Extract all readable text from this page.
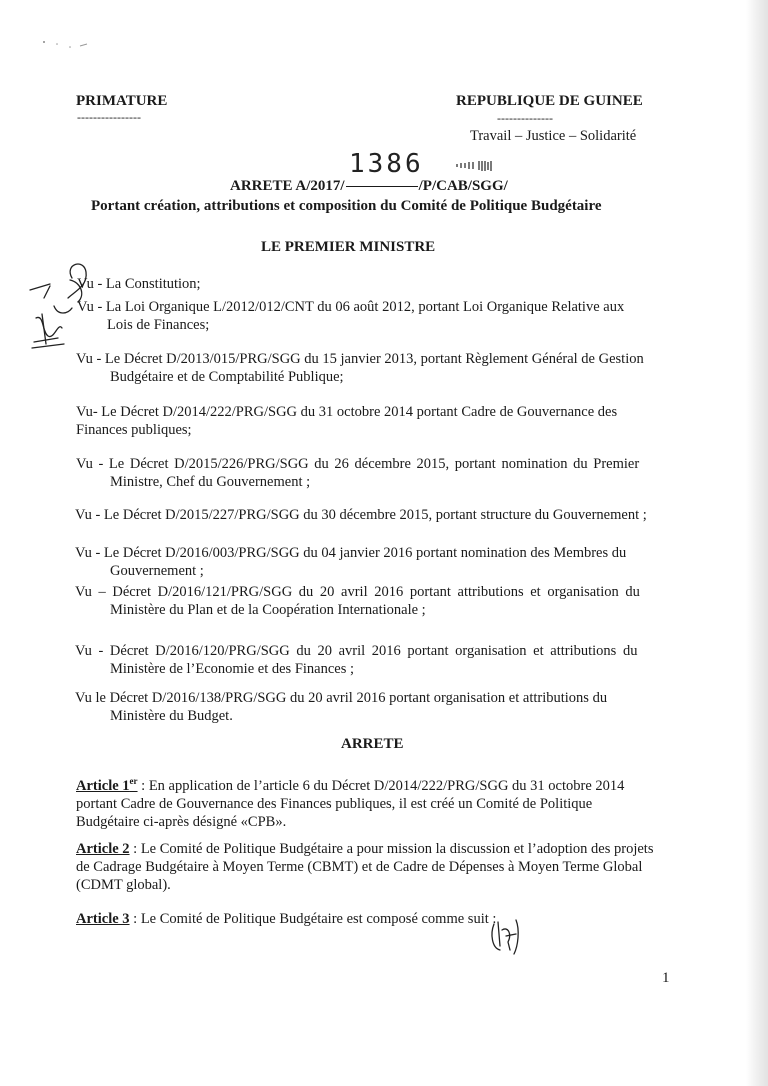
PRIMATURE
----------------
REPUBLIQUE DE GUINEE
--------------
Travail – Justice – Solidarité
1386
ARRETE A/2017/	/P/CAB/SGG/
Portant création, attributions et composition du Comité de Politique Budgétaire
LE PREMIER MINISTRE
Vu - La Constitution;
Vu - La Loi Organique L/2012/012/CNT du 06 août 2012, portant Loi Organique Relative aux
Lois de Finances;
Vu - Le Décret D/2013/015/PRG/SGG du 15 janvier 2013, portant Règlement Général de Gestion
Budgétaire et de Comptabilité Publique;
Vu- Le Décret D/2014/222/PRG/SGG du 31 octobre 2014 portant Cadre de Gouvernance des
Finances publiques;
Vu - Le Décret D/2015/226/PRG/SGG du 26 décembre 2015, portant nomination du Premier
Ministre, Chef du Gouvernement ;
Vu - Le Décret D/2015/227/PRG/SGG du 30 décembre 2015, portant structure du Gouvernement ;
Vu - Le Décret D/2016/003/PRG/SGG du 04 janvier 2016 portant nomination des Membres du
Gouvernement ;
Vu – Décret D/2016/121/PRG/SGG du 20 avril 2016 portant attributions et organisation du
Ministère du Plan et de la Coopération Internationale ;
Vu - Décret D/2016/120/PRG/SGG du 20 avril 2016 portant organisation et attributions du
Ministère de l’Economie et des Finances ;
Vu le Décret D/2016/138/PRG/SGG du 20 avril 2016 portant organisation et attributions du
Ministère du Budget.
ARRETE
Article 1er : En application de l’article 6 du Décret D/2014/222/PRG/SGG du 31 octobre 2014
portant Cadre de Gouvernance des Finances publiques, il est créé un Comité de Politique
Budgétaire ci-après désigné «CPB».
Article 2 : Le Comité de Politique Budgétaire a pour mission la discussion et l’adoption des projets
de Cadrage Budgétaire à Moyen Terme (CBMT) et de Cadre de Dépenses à Moyen Terme Global
(CDMT global).
Article 3 : Le Comité de Politique Budgétaire est composé comme suit :
1
